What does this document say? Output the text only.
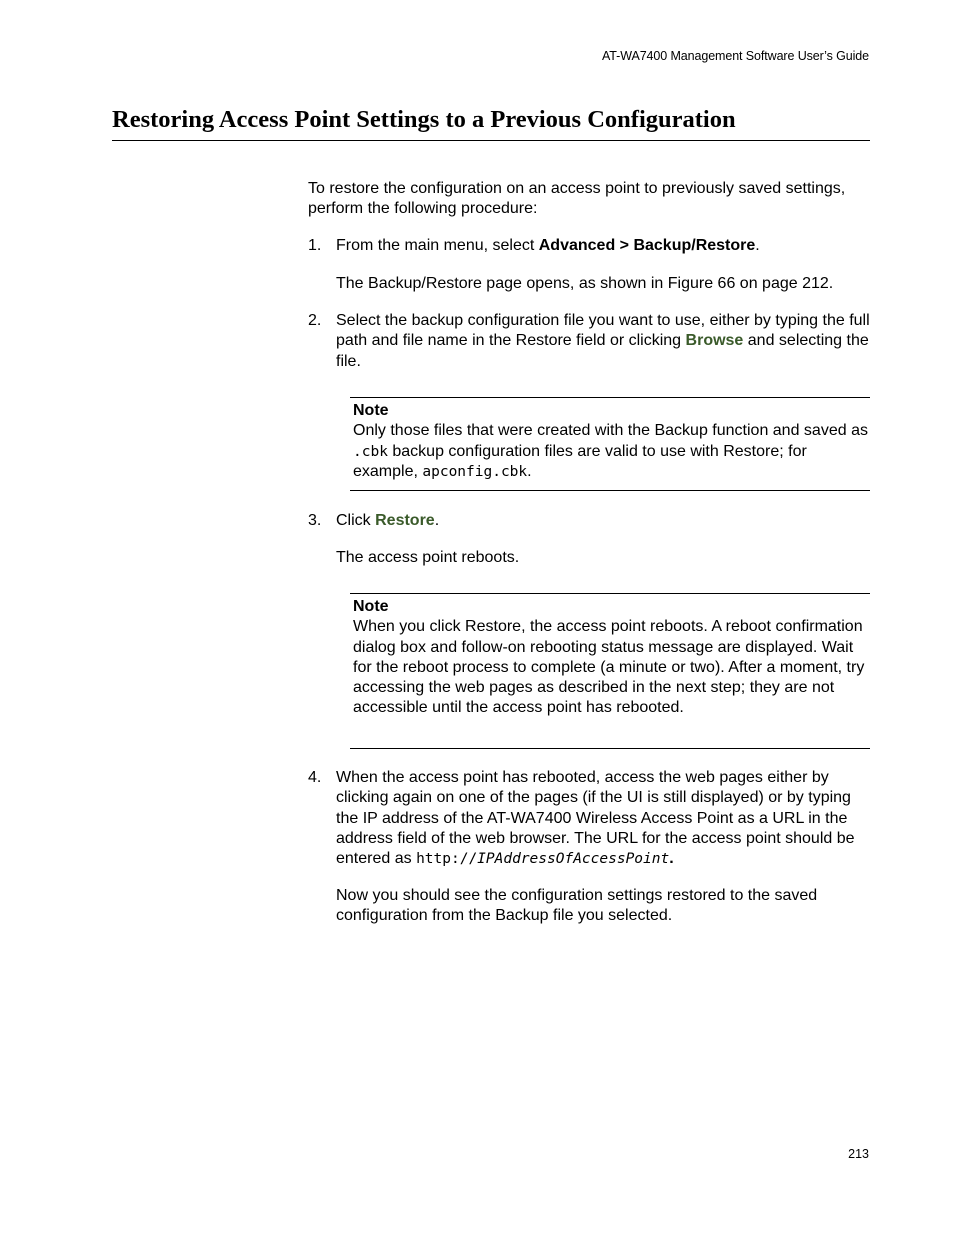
AT-WA7400 Management Software User’s Guide
Restoring Access Point Settings to a Previous Configuration

To restore the configuration on an access point to previously saved settings, perform the following procedure:

1. From the main menu, select Advanced > Backup/Restore.

The Backup/Restore page opens, as shown in Figure 66 on page 212.

2. Select the backup configuration file you want to use, either by typing the full path and file name in the Restore field or clicking Browse and selecting the file.
Note
Only those files that were created with the Backup function and saved as .cbk backup configuration files are valid to use with Restore; for example, apconfig.cbk.
3. Click Restore.

The access point reboots.

Note
When you click Restore, the access point reboots. A reboot confirmation dialog box and follow-on rebooting status message are displayed. Wait for the reboot process to complete (a minute or two). After a moment, try accessing the web pages as described in the next step; they are not accessible until the access point has rebooted.
4. When the access point has rebooted, access the web pages either by clicking again on one of the pages (if the UI is still displayed) or by typing the IP address of the AT-WA7400 Wireless Access Point as a URL in the address field of the web browser. The URL for the access point should be entered as http://IPAddressOfAccessPoint.

Now you should see the configuration settings restored to the saved configuration from the Backup file you selected.

213
